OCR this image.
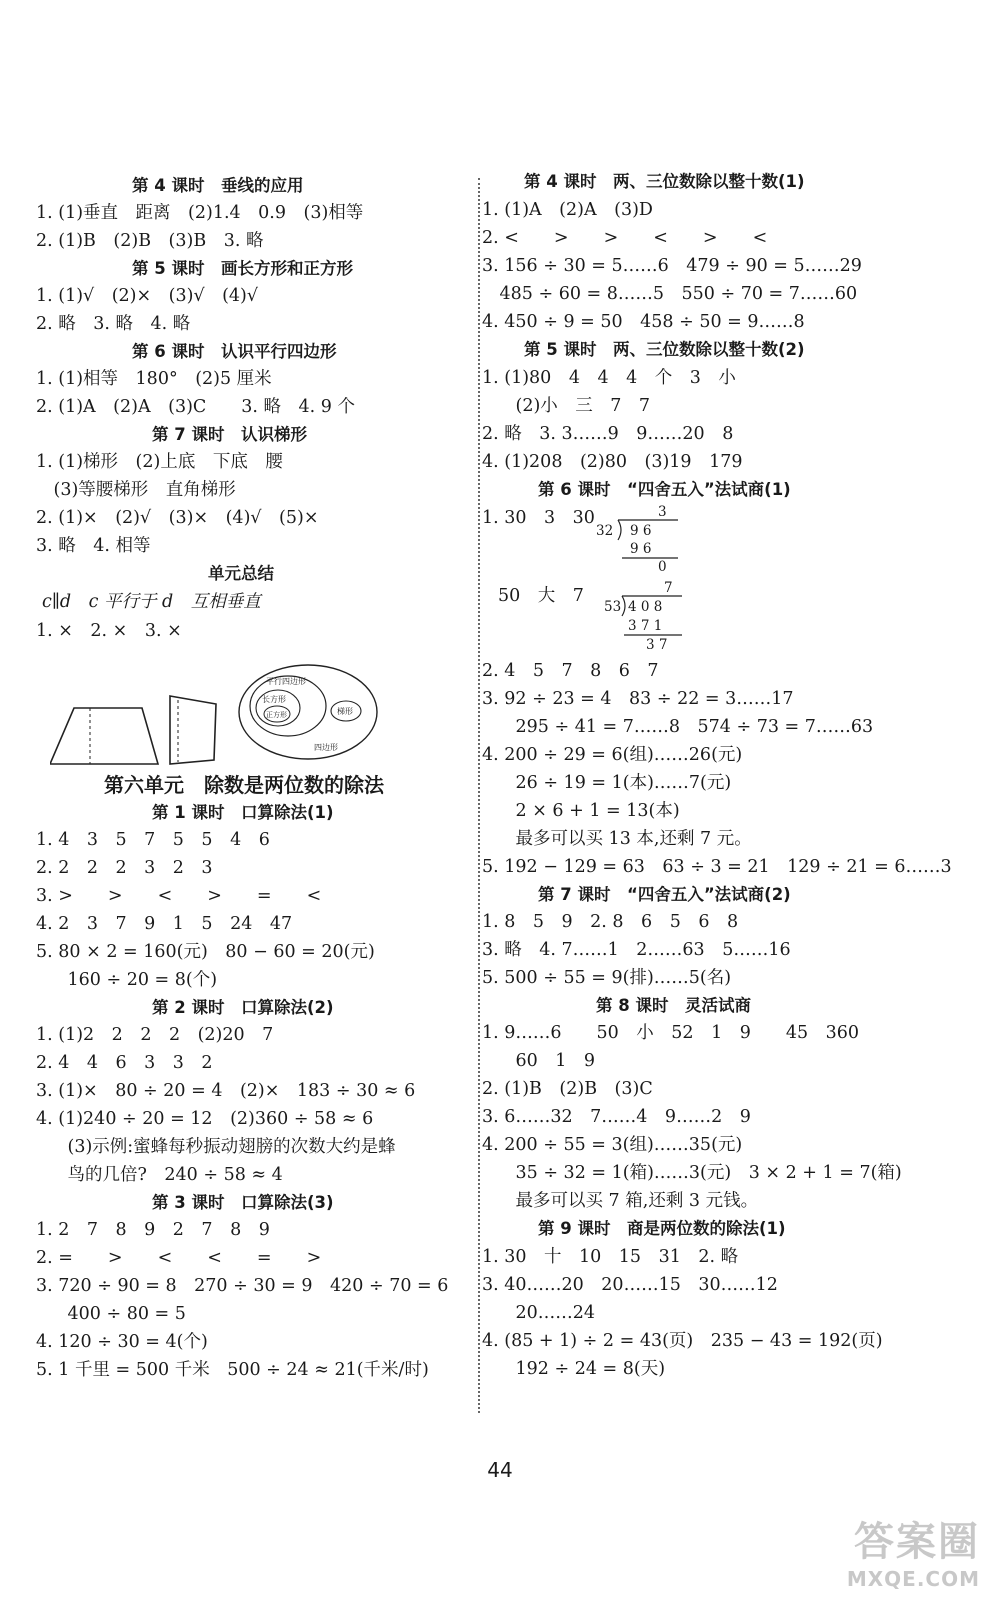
第 4 课时　垂线的应用
1. (1)垂直　距离　(2)1.4　0.9　(3)相等
2. (1)B　(2)B　(3)B　3. 略
第 5 课时　画长方形和正方形
1. (1)√　(2)×　(3)√　(4)√
2. 略　3. 略　4. 略
第 6 课时　认识平行四边形
1. (1)相等　180°　(2)5 厘米
2. (1)A　(2)A　(3)C　　3. 略　4. 9 个
第 7 课时　认识梯形
1. (1)梯形　(2)上底　下底　腰
　(3)等腰梯形　直角梯形
2. (1)×　(2)√　(3)×　(4)√　(5)×
3. 略　4. 相等
单元总结
c∥d　c 平行于 d　互相垂直
1. ×　2. ×　3. ×
平行四边形
长方形
正方形	梯形
四边形
第六单元　除数是两位数的除法
第 1 课时　口算除法(1)
1. 4　3　5　7　5　5　4　6
2. 2　2　2　3　2　3
3. >　　>　　<　　>　　=　　<
4. 2　3　7　9　1　5　24　47
5. 80 × 2 = 160(元)　80 − 60 = 20(元)
　160 ÷ 20 = 8(个)
第 2 课时　口算除法(2)
1. (1)2　2　2　2　(2)20　7
2. 4　4　6　3　3　2
3. (1)×　80 ÷ 20 = 4　(2)×　183 ÷ 30 ≈ 6
4. (1)240 ÷ 20 = 12　(2)360 ÷ 58 ≈ 6
　(3)示例:蜜蜂每秒振动翅膀的次数大约是蜂
　鸟的几倍?　240 ÷ 58 ≈ 4
第 3 课时　口算除法(3)
1. 2　7　8　9　2　7　8　9
2. =　　>　　<　　<　　=　　>
3. 720 ÷ 90 = 8　270 ÷ 30 = 9　420 ÷ 70 = 6
　400 ÷ 80 = 5
4. 120 ÷ 30 = 4(个)
5. 1 千里 = 500 千米　500 ÷ 24 ≈ 21(千米/时)
第 4 课时　两、三位数除以整十数(1)
1. (1)A　(2)A　(3)D
2. <　　>　　>　　<　　>　　<
3. 156 ÷ 30 = 5……6　479 ÷ 90 = 5……29
　485 ÷ 60 = 8……5　550 ÷ 70 = 7……60
4. 450 ÷ 9 = 50　458 ÷ 50 = 9……8
第 5 课时　两、三位数除以整十数(2)
1. (1)80　4　4　4　个　3　小
　(2)小　三　7　7
2. 略　3. 3……9　9……20　8
4. (1)208　(2)80　(3)19　179
第 6 课时　“四舍五入”法试商(1)
1. 30　3　30	3
32 9 6
9 6
0
50　大　7	7
53 4 0 8
3 7 1
3 7
2. 4　5　7　8　6　7
3. 92 ÷ 23 = 4　83 ÷ 22 = 3……17
　295 ÷ 41 = 7……8　574 ÷ 73 = 7……63
4. 200 ÷ 29 = 6(组)……26(元)
　26 ÷ 19 = 1(本)……7(元)
　2 × 6 + 1 = 13(本)
　最多可以买 13 本,还剩 7 元。
5. 192 − 129 = 63　63 ÷ 3 = 21　129 ÷ 21 = 6……3
第 7 课时　“四舍五入”法试商(2)
1. 8　5　9　2. 8　6　5　6　8
3. 略　4. 7……1　2……63　5……16
5. 500 ÷ 55 = 9(排)……5(名)
第 8 课时　灵活试商
1. 9……6　　50　小　52　1　9　　45　360
　60　1　9
2. (1)B　(2)B　(3)C
3. 6……32　7……4　9……2　9
4. 200 ÷ 55 = 3(组)……35(元)
　35 ÷ 32 = 1(箱)……3(元)　3 × 2 + 1 = 7(箱)
　最多可以买 7 箱,还剩 3 元钱。
第 9 课时　商是两位数的除法(1)
1. 30　十　10　15　31　2. 略
3. 40……20　20……15　30……12
　20……24
4. (85 + 1) ÷ 2 = 43(页)　235 − 43 = 192(页)
　192 ÷ 24 = 8(天)
44
答案圈
MXQE.COM
